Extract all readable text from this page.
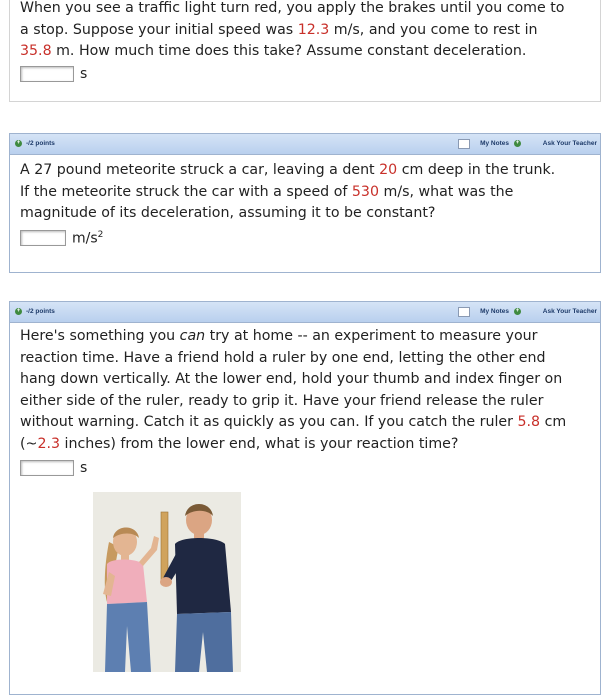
When you see a traffic light turn red, you apply the brakes until you come to
a stop. Suppose your initial speed was 12.3 m/s, and you come to rest in
35.8 m. How much time does this take? Assume constant deceleration.
s
+ -/2 points	My Notes +	Ask Your Teacher
A 27 pound meteorite struck a car, leaving a dent 20 cm deep in the trunk.
If the meteorite struck the car with a speed of 530 m/s, what was the
magnitude of its deceleration, assuming it to be constant?
$m/s^2$
+ -/2 points	My Notes +	Ask Your Teacher
Here's something you can try at home -- an experiment to measure your
reaction time. Have a friend hold a ruler by one end, letting the other end
hang down vertically. At the lower end, hold your thumb and index finger on
either side of the ruler, ready to grip it. Have your friend release the ruler
without warning. Catch it as quickly as you can. If you catch the ruler 5.8 cm
(~2.3 inches) from the lower end, what is your reaction time?
s
